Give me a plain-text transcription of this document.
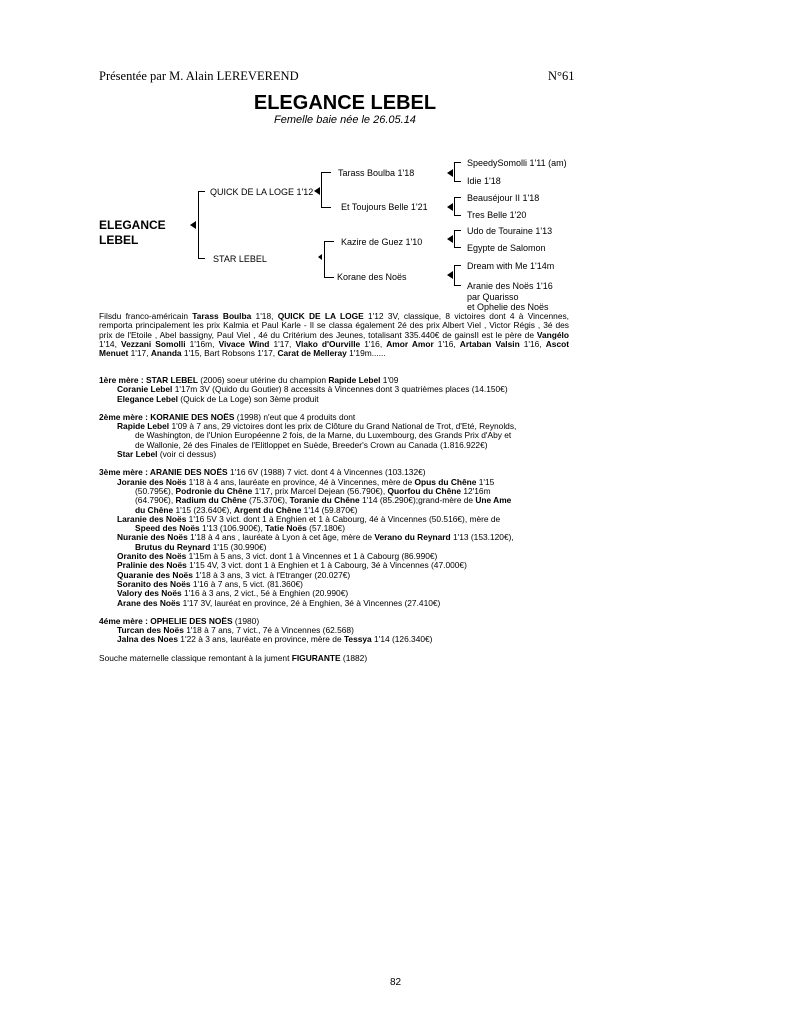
Présentée par M. Alain LEREVEREND	N°61
ELEGANCE LEBEL
Femelle baie née le 26.05.14
ELEGANCE
LEBEL
QUICK DE LA LOGE 1'12
STAR LEBEL
Tarass Boulba 1'18
Et Toujours Belle 1'21
Kazire de Guez 1'10
Korane des Noës
SpeedySomolli 1'11 (am)
Idie 1'18
Beauséjour II 1'18
Tres Belle 1'20
Udo de Touraine 1'13
Egypte de Salomon
Dream with Me 1'14m
Aranie des Noës 1'16
par Quarisso
et Ophelie des Noës
Filsdu franco-américain Tarass Boulba 1'18, QUICK DE LA LOGE 1'12 3V, classique, 8 victoires dont 4 à Vincennes, remporta principalement les prix Kalmia et Paul Karle - Il se classa également 2é des prix Albert Viel , Victor Régis , 3é des prix de l'Etoile , Abel bassigny, Paul Viel , 4é du Critérium des Jeunes, totalisant 335.440€ de gainsIl est le père de Vangélo 1'14, Vezzani Somolli 1'16m, Vivace Wind 1'17, Vlako d'Ourville 1'16, Amor Amor 1'16, Artaban Valsin 1'16, Ascot Menuet 1'17, Ananda 1'15, Bart Robsons 1'17, Carat de Melleray 1'19m......
1ère mère : STAR LEBEL (2006) soeur utérine du champion Rapide Lebel 1'09
Coranie Lebel 1'17m 3V (Quido du Goutier) 8 accessits à Vincennes dont 3 quatrièmes places (14.150€)
Elegance Lebel (Quick de La Loge) son 3ème produit
2ème mère : KORANIE DES NOËS (1998) n'eut que 4 produits dont
Rapide Lebel 1'09 à 7 ans, 29 victoires dont les prix de Clôture du Grand National de Trot, d'Eté, Reynolds,
de Washington, de l'Union Européenne 2 fois, de la Marne, du Luxembourg, des Grands Prix d'Aby et
de Wallonie, 2é des Finales de l'Elitloppet en Suède, Breeder's Crown au Canada (1.816.922€)
Star Lebel (voir ci dessus)
3ème mère : ARANIE DES NOËS 1'16 6V (1988) 7 vict. dont 4 à Vincennes (103.132€)
Joranie des Noës 1'18 à 4 ans, lauréate en province, 4é à Vincennes, mère de Opus du Chêne 1'15
(50.795€), Podronie du Chêne 1'17, prix Marcel Dejean (56.790€), Quorfou du Chêne 12'16m
(64.790€), Radium du Chêne (75.370€), Toranie du Chêne 1'14 (85.290€);grand-mère de Une Ame
du Chêne 1'15 (23.640€), Argent du Chêne 1'14 (59.870€)
Laranie des Noës 1'16 5V 3 vict. dont 1 à Enghien et 1 à Cabourg, 4é à Vincennes (50.516€), mère de
Speed des Noës 1'13 (106.900€), Tatie Noës (57.180€)
Nuranie des Noës 1'18 à 4 ans , lauréate à Lyon à cet âge, mère de Verano du Reynard 1'13 (153.120€),
Brutus du Reynard 1'15 (30.990€)
Oranito des Noës 1'15m à 5 ans, 3 vict. dont 1 à Vincennes et 1 à Cabourg (86.990€)
Pralinie des Noës 1'15 4V, 3 vict. dont 1 à Enghien et 1 à Cabourg, 3é à Vincennes (47.000€)
Quaranie des Noës 1'18 à 3 ans, 3 vict. à l'Etranger (20.027€)
Soranito des Noës 1'16 à 7 ans, 5 vict. (81.360€)
Valory des Noës 1'16 à 3 ans, 2 vict., 5é à Enghien (20.990€)
Arane des Noës 1'17 3V, lauréat en province, 2é à Enghien, 3é à Vincennes (27.410€)
4éme mère : OPHELIE DES NOËS (1980)
Turcan des Noës 1'18 à 7 ans, 7 vict., 7é à Vincennes (62.568)
Jalna des Noes 1'22 à 3 ans, lauréate en province, mère de Tessya 1'14 (126.340€)
Souche maternelle classique remontant à la jument FIGURANTE (1882)
82
